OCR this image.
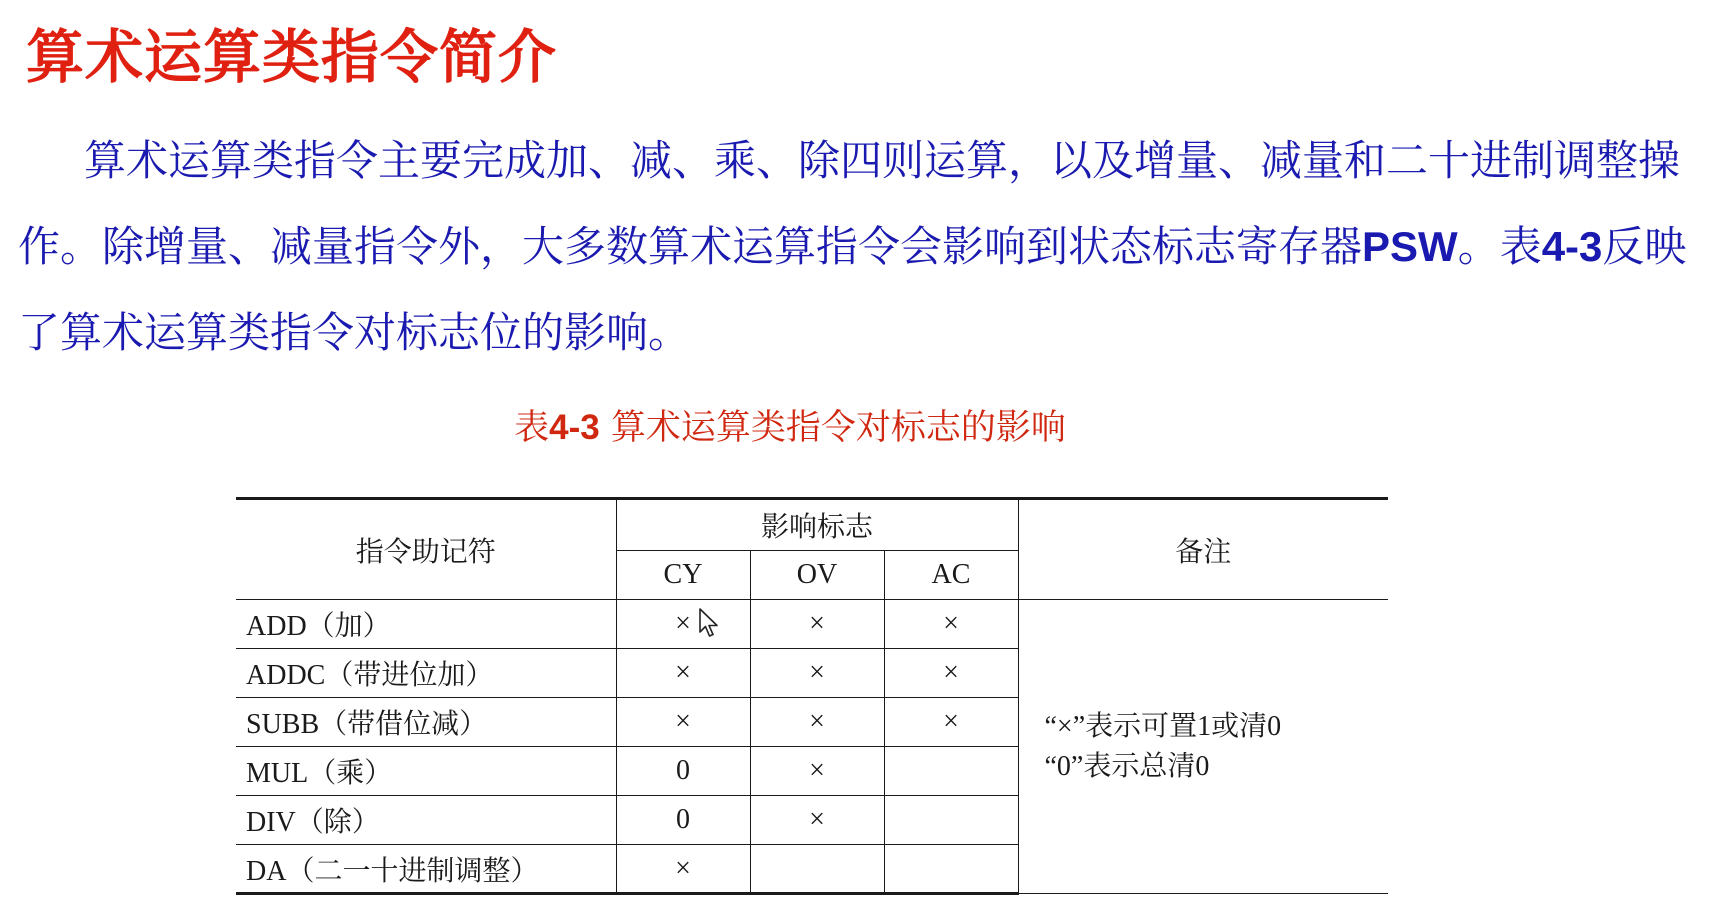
算术运算类指令简介
算术运算类指令主要完成加、减、乘、除四则运算，以及增量、减量和二十进制调整操作。除增量、减量指令外，大多数算术运算指令会影响到状态标志寄存器PSW。表4-3反映了算术运算类指令对标志位的影响。
表4-3 算术运算类指令对标志的影响
指令助记符	影响标志			备注
	CY	OV	AC	
ADD（加）	×	×	×	“×”表示可置1或清0
“0”表示总清0

ADDC（带进位加）	×	×	×	
SUBB（带借位减）	×	×	×	
MUL（乘）	0	×		
DIV（除）	0	×		
DA（二一十进制调整）	×			
